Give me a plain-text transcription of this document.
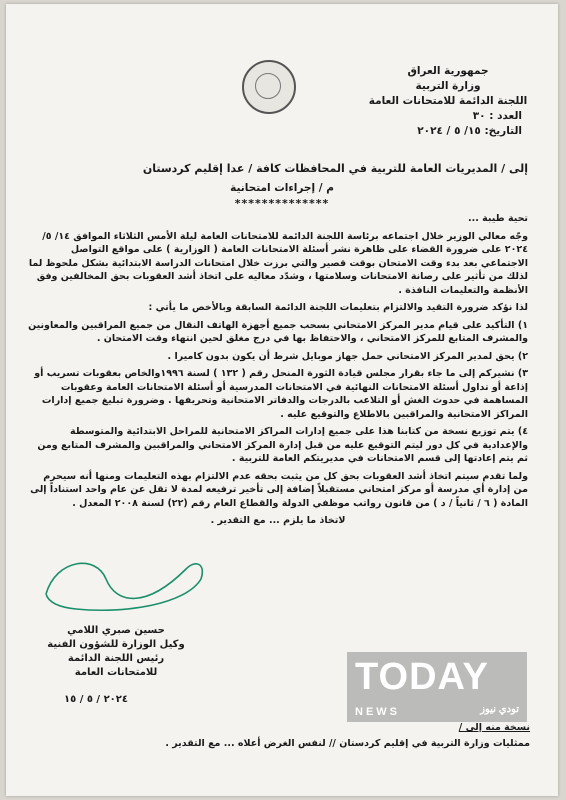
جمهورية العراق
وزارة التربية
اللجنة الدائمة للامتحانات العامة
العدد : ٣٠
التاريخ: ١٥/ ٥ / ٢٠٢٤
إلى / المديريات العامة للتربية في المحافظات كافة / عدا إقليم كردستان
م / إجراءات امتحانية
**************

تحية طيبة ...

وجّه معالي الوزير خلال اجتماعه برئاسة اللجنة الدائمة للامتحانات العامة ليلة الأمس الثلاثاء الموافق ١٤/ ٥/ ٢٠٢٤ على ضرورة القضاء على ظاهرة نشر أسئلة الامتحانات العامة ( الوزارية ) على مواقع التواصل الاجتماعي بعد بدء وقت الامتحان بوقت قصير والتي برزت خلال امتحانات الدراسة الابتدائية بشكل ملحوظ لما لذلك من تأثير على رصانة الامتحانات وسلامتها ، وشدّد معاليه على اتخاذ أشد العقوبات بحق المخالفين وفق الأنظمة والتعليمات النافذة .

لذا نؤكد ضرورة التقيد والالتزام بتعليمات اللجنة الدائمة السابقة وبالأخص ما يأتي :

١) التأكيد على قيام مدير المركز الامتحاني بسحب جميع أجهزة الهاتف النقال من جميع المراقبين والمعاونين والمشرف المتابع للمركز الامتحاني ، والاحتفاظ بها في درج مغلق لحين انتهاء وقت الامتحان .

٢) يحق لمدير المركز الامتحاني حمل جهاز موبايل شرط أن يكون بدون كاميرا .

٣) نشيركم إلى ما جاء بقرار مجلس قيادة الثورة المنحل رقم ( ١٣٢ ) لسنة ١٩٩٦والخاص بعقوبات تسريب أو إذاعة أو تداول أسئلة الامتحانات النهائية في الامتحانات المدرسية أو أسئلة الامتحانات العامة وعقوبات المساهمة في حدوث الغش أو التلاعب بالدرجات والدفاتر الامتحانية وتحريفها . وضرورة تبليغ جميع إدارات المراكز الامتحانية والمراقبين بالاطلاع والتوقيع عليه .

٤) يتم توزيع نسخة من كتابنا هذا على جميع إدارات المراكز الامتحانية للمراحل الابتدائية والمتوسطة والإعدادية في كل دور ليتم التوقيع عليه من قبل إدارة المركز الامتحاني والمراقبين والمشرف المتابع ومن ثم يتم إعادتها إلى قسم الامتحانات في مديريتكم العامة للتربية .

ولما تقدم سيتم اتخاذ أشد العقوبات بحق كل من يثبت بحقه عدم الالتزام بهذه التعليمات ومنها أنه سيحرم من إدارة أي مدرسة أو مركز امتحاني مستقبلاً إضافة إلى تأخير ترفيعه لمدة لا تقل عن عام واحد استناداً إلى المادة ( ٦ / ثانياً / د ) من قانون رواتب موظفي الدولة والقطاع العام رقم (٢٢) لسنة ٢٠٠٨ المعدل .

لاتخاذ ما يلزم ... مع التقدير .

حسين صبري اللامي
وكيل الوزارة للشؤون الفنية
رئيس اللجنة الدائمة للامتحانات العامة
٢٠٢٤ / ٥ / ١٥
نسخة منه إلى /
ممثليات وزارة التربية في إقليم كردستان // لنفس الغرض أعلاه ... مع التقدير .
TODAY
NEWS	تودي نيوز
